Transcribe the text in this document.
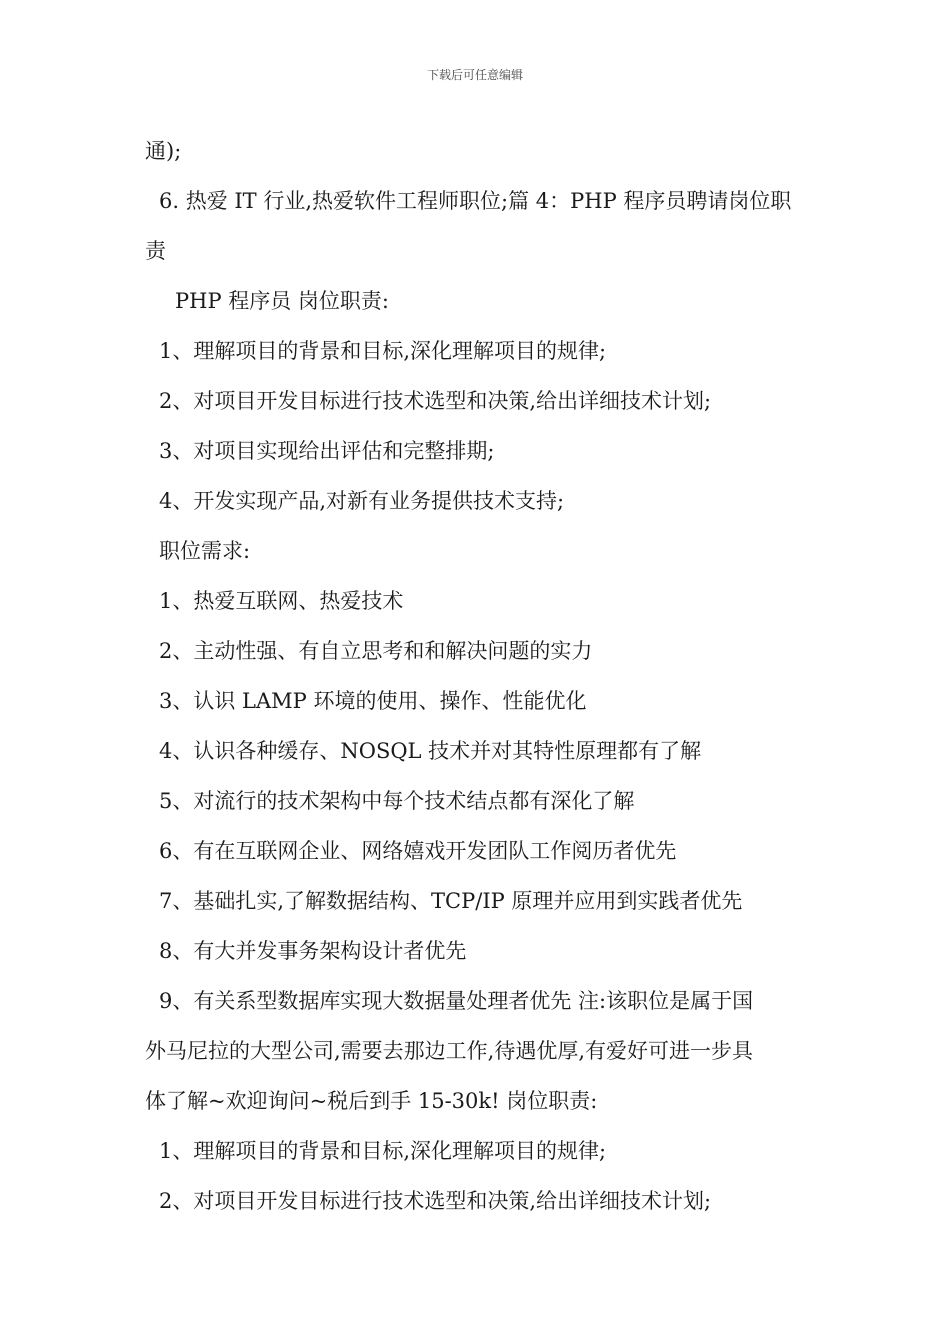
下载后可任意编辑
通);
6. 热爱 IT 行业,热爱软件工程师职位;篇 4：PHP 程序员聘请岗位职
责
PHP 程序员 岗位职责:
1、理解项目的背景和目标,深化理解项目的规律;
2、对项目开发目标进行技术选型和决策,给出详细技术计划;
3、对项目实现给出评估和完整排期;
4、开发实现产品,对新有业务提供技术支持;
职位需求:
1、热爱互联网、热爱技术
2、主动性强、有自立思考和和解决问题的实力
3、认识 LAMP 环境的使用、操作、性能优化
4、认识各种缓存、NOSQL 技术并对其特性原理都有了解
5、对流行的技术架构中每个技术结点都有深化了解
6、有在互联网企业、网络嬉戏开发团队工作阅历者优先
7、基础扎实,了解数据结构、TCP/IP 原理并应用到实践者优先
8、有大并发事务架构设计者优先
9、有关系型数据库实现大数据量处理者优先 注:该职位是属于国
外马尼拉的大型公司,需要去那边工作,待遇优厚,有爱好可进一步具
体了解~欢迎询问~税后到手 15-30k! 岗位职责:
1、理解项目的背景和目标,深化理解项目的规律;
2、对项目开发目标进行技术选型和决策,给出详细技术计划;
